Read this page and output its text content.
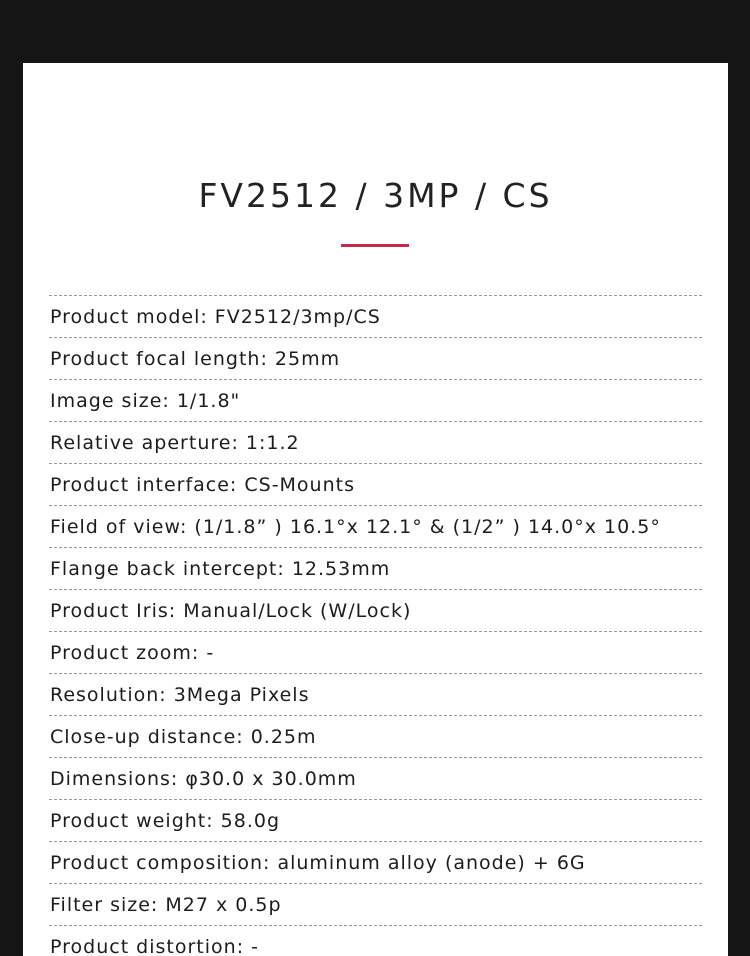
FV2512 / 3MP / CS
Product model: FV2512/3mp/CS
Product focal length: 25mm
Image size: 1/1.8"
Relative aperture: 1:1.2
Product interface: CS-Mounts
Field of view: (1/1.8” ) 16.1°x 12.1° & (1/2” ) 14.0°x 10.5°
Flange back intercept: 12.53mm
Product Iris: Manual/Lock (W/Lock)
Product zoom: -
Resolution: 3Mega Pixels
Close-up distance: 0.25m
Dimensions: φ30.0 x 30.0mm
Product weight: 58.0g
Product composition: aluminum alloy (anode) + 6G
Filter size: M27 x 0.5p
Product distortion: -
